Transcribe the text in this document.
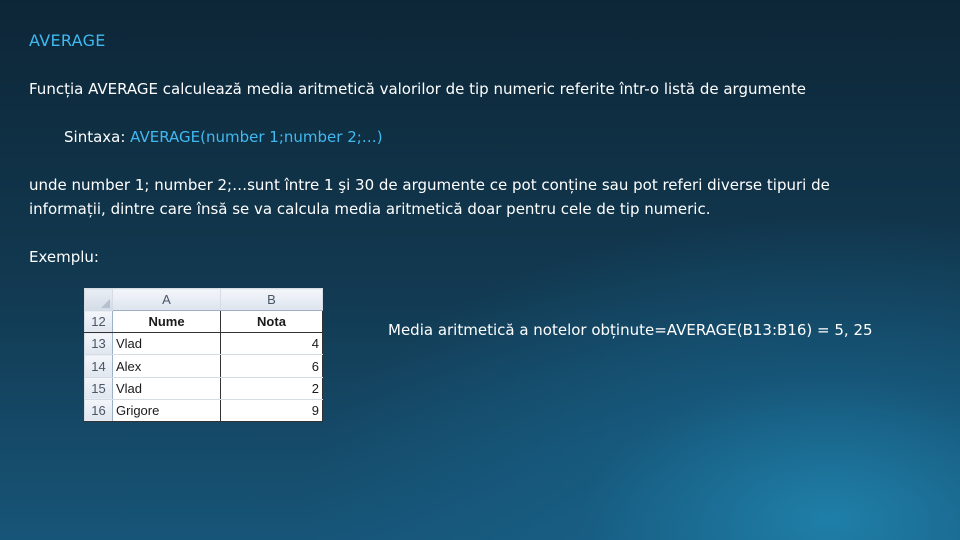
AVERAGE
Funcția AVERAGE calculează media aritmetică valorilor de tip numeric referite într-o listă de argumente
Sintaxa: AVERAGE(number 1;number 2;…)
unde number 1; number 2;…sunt între 1 şi 30 de argumente ce pot conține sau pot referi diverse tipuri de informații, dintre care însă se va calcula media aritmetică doar pentru cele de tip numeric.
Exemplu:
	A	B
12	Nume	Nota
13	Vlad	4
14	Alex	6
15	Vlad	2
16	Grigore	9
Media aritmetică a notelor obținute=AVERAGE(B13:B16) = 5, 25
